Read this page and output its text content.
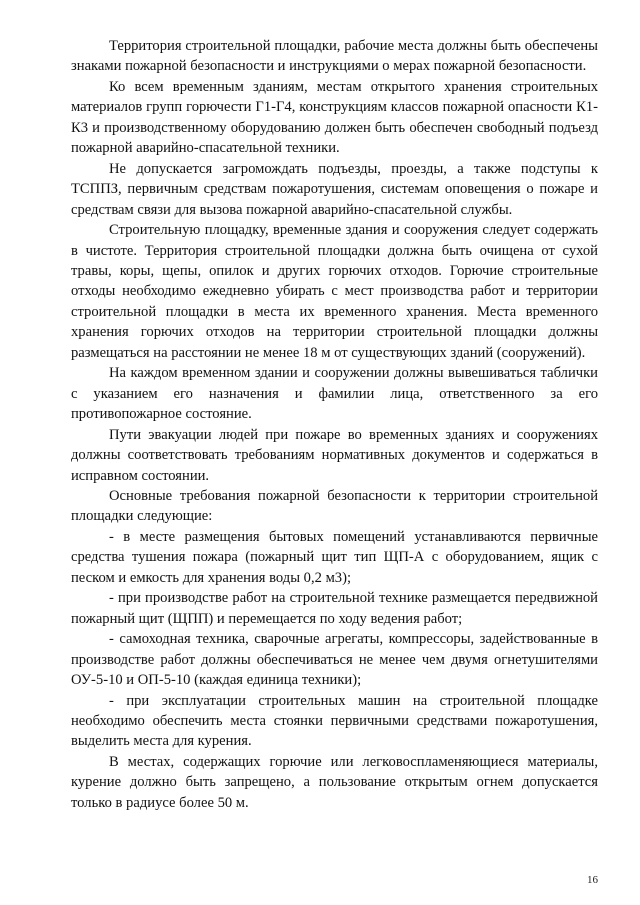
Территория строительной площадки, рабочие места должны быть обеспечены знаками пожарной безопасности и инструкциями о мерах пожарной безопасности.

Ко всем временным зданиям, местам открытого хранения строительных материалов групп горючести Г1-Г4, конструкциям классов пожарной опасности К1-К3 и производственному оборудованию должен быть обеспечен свободный подъезд пожарной аварийно-спасательной техники.

Не допускается загромождать подъезды, проезды, а также подступы к ТСППЗ, первичным средствам пожаротушения, системам оповещения о пожаре и средствам связи для вызова пожарной аварийно-спасательной службы.

Строительную площадку, временные здания и сооружения следует содержать в чистоте. Территория строительной площадки должна быть очищена от сухой травы, коры, щепы, опилок и других горючих отходов. Горючие строительные отходы необходимо ежедневно убирать с мест производства работ и территории строительной площадки в места их временного хранения. Места временного хранения горючих отходов на территории строительной площадки должны размещаться на расстоянии не менее 18 м от существующих зданий (сооружений).

На каждом временном здании и сооружении должны вывешиваться таблички с указанием его назначения и фамилии лица, ответственного за его противопожарное состояние.

Пути эвакуации людей при пожаре во временных зданиях и сооружениях должны соответствовать требованиям нормативных документов и содержаться в исправном состоянии.

Основные требования пожарной безопасности к территории строительной площадки следующие:

- в месте размещения бытовых помещений устанавливаются первичные средства тушения пожара (пожарный щит тип ЩП-А с оборудованием, ящик с песком и емкость для хранения воды 0,2 м3);

- при производстве работ на строительной технике размещается передвижной пожарный щит (ЩПП) и перемещается по ходу ведения работ;

- самоходная техника, сварочные агрегаты, компрессоры, задействованные в производстве работ должны обеспечиваться не менее чем двумя огнетушителями ОУ-5-10 и ОП-5-10 (каждая единица техники);

- при эксплуатации строительных машин на строительной площадке необходимо обеспечить места стоянки первичными средствами пожаротушения, выделить места для курения.

В местах, содержащих горючие или легковоспламеняющиеся материалы, курение должно быть запрещено, а пользование открытым огнем допускается только в радиусе более 50 м.

16
